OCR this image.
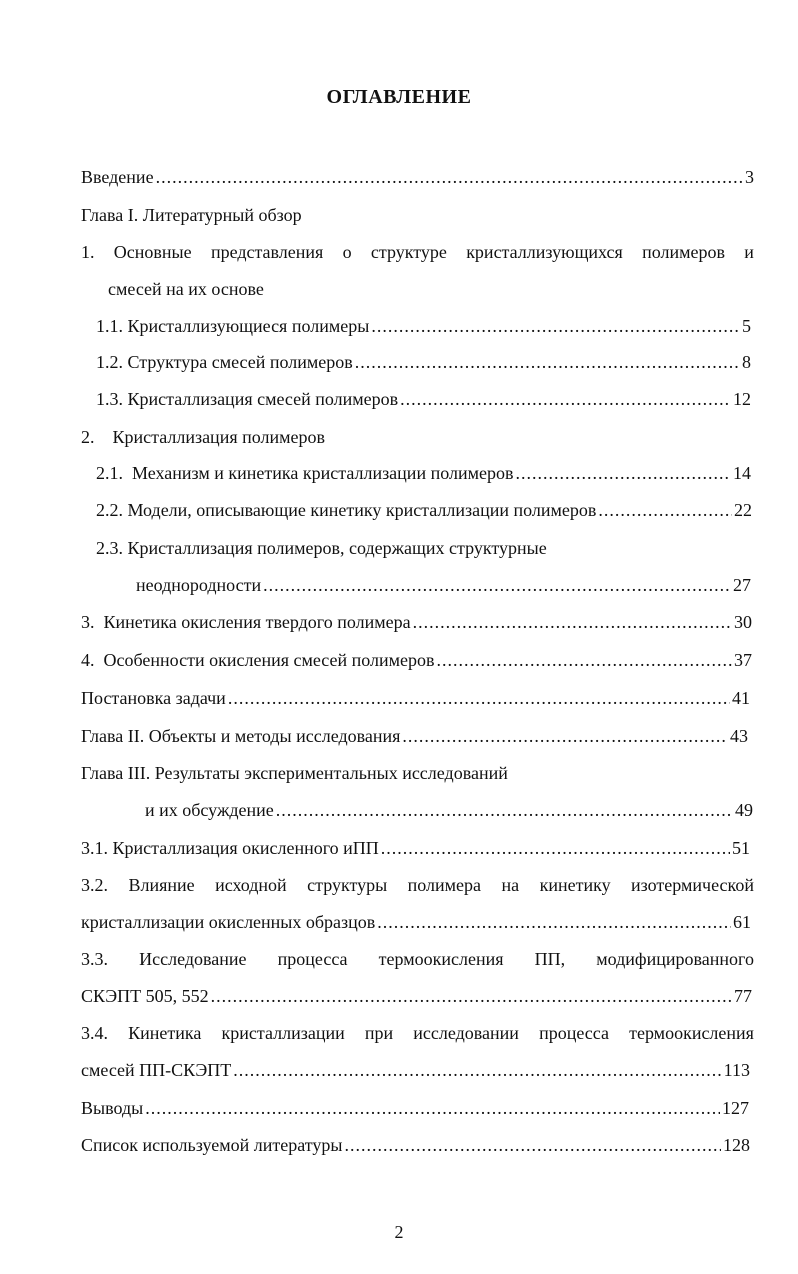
ОГЛАВЛЕНИЕ
Введение .....	3
Глава I. Литературный обзор
1. Основные представления о структуре кристаллизующихся полимеров и
смесей на их основе
1.1. Кристаллизующиеся полимеры .....	5
1.2. Структура смесей полимеров .....	8
1.3. Кристаллизация смесей полимеров .....	12
2.    Кристаллизация полимеров
2.1.  Механизм и кинетика кристаллизации полимеров .....	14
2.2. Модели, описывающие кинетику кристаллизации полимеров .....	22
2.3. Кристаллизация полимеров, содержащих структурные
неоднородности .....	27
3.  Кинетика окисления твердого полимера .....	30
4.  Особенности окисления смесей полимеров .....	37
Постановка задачи .....	41
Глава II. Объекты и методы исследования .....	43
Глава III. Результаты экспериментальных исследований
и их обсуждение .....	49
3.1. Кристаллизация окисленного иПП .....	51
3.2. Влияние исходной структуры полимера на кинетику изотермической
кристаллизации окисленных образцов .....	61
3.3. Исследование процесса термоокисления ПП, модифицированного
СКЭПТ 505, 552 .....	77
3.4. Кинетика кристаллизации при исследовании процесса термоокисления
смесей ПП-СКЭПТ .....	113
Выводы .....	127
Список используемой литературы .....	128
2
